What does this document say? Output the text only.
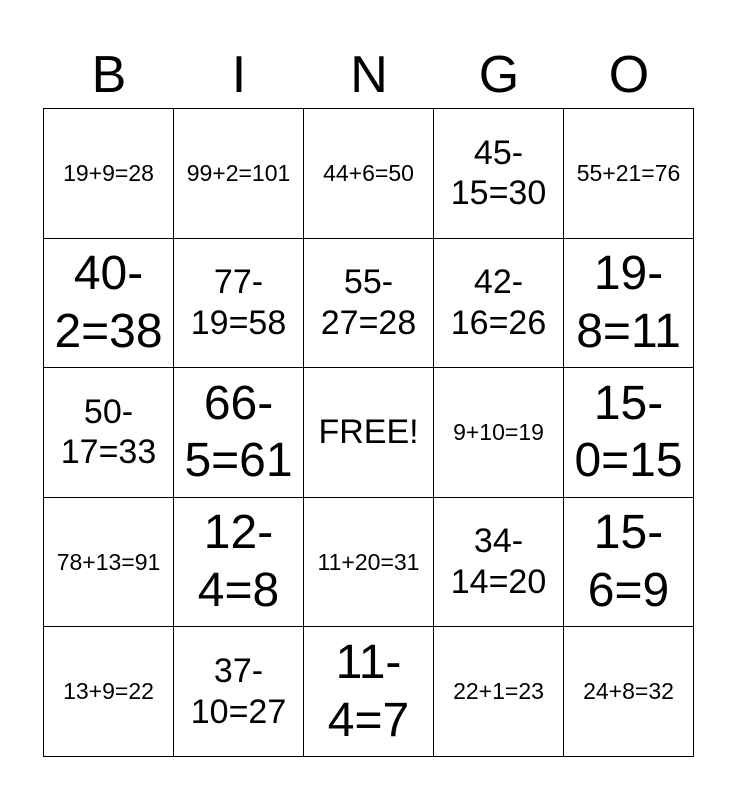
B	I	N	G	O
19+9=28 99+2=101 44+6=50
45-
15=30
55+21=76
40-
2=38
77-
19=58
55-
27=28
42-
16=26
19-
8=11
50-
17=33
66-
5=61
FREE! 9+10=19
15-
0=15
78+13=91
12-
4=8
11+20=31
34-
14=20
15-
6=9
13+9=22
37-
10=27
11-
4=7
22+1=23 24+8=32
